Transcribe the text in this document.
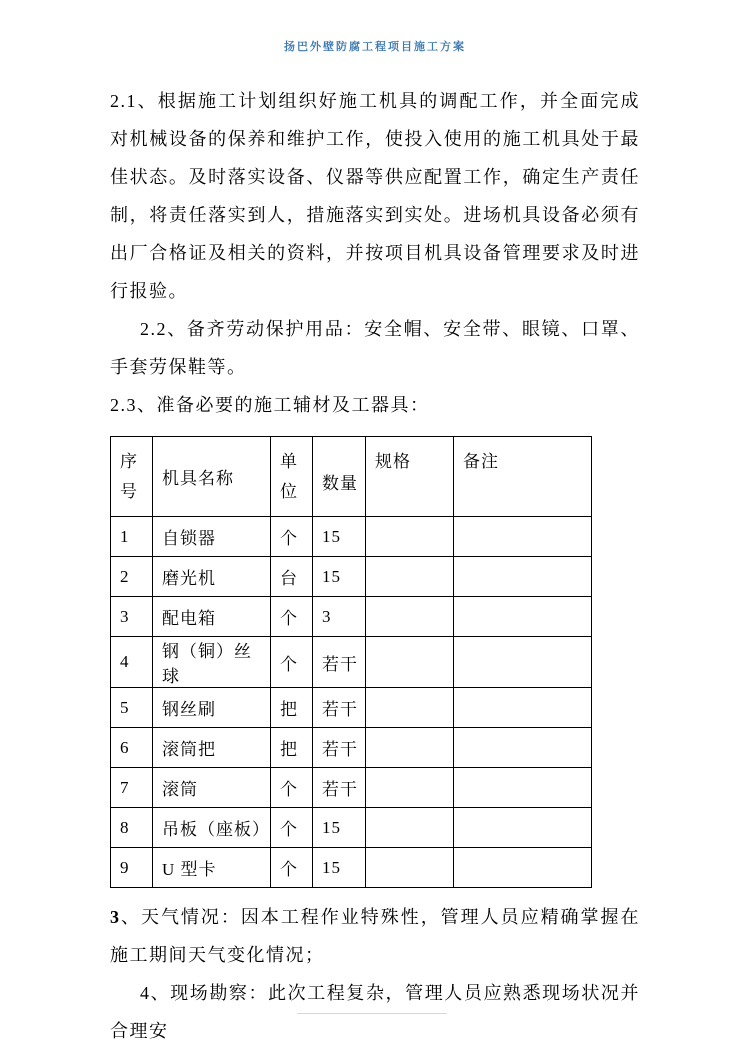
扬巴外壁防腐工程项目施工方案

2.1、根据施工计划组织好施工机具的调配工作，并全面完成对机械设备的保养和维护工作，使投入使用的施工机具处于最佳状态。及时落实设备、仪器等供应配置工作，确定生产责任制，将责任落实到人，措施落实到实处。进场机具设备必须有出厂合格证及相关的资料，并按项目机具设备管理要求及时进行报验。

2.2、备齐劳动保护用品：安全帽、安全带、眼镜、口罩、手套劳保鞋等。

2.3、准备必要的施工辅材及工器具：

序号	机具名称	单位	数量	规格	备注
1	自锁器	个	15		
2	磨光机	台	15		
3	配电箱	个	3		
4	钢（铜）丝球	个	若干		
5	钢丝刷	把	若干		
6	滚筒把	把	若干		
7	滚筒	个	若干		
8	吊板（座板）	个	15		
9	U 型卡	个	15		

3、天气情况：因本工程作业特殊性，管理人员应精确掌握在施工期间天气变化情况；

4、现场勘察：此次工程复杂，管理人员应熟悉现场状况并合理安
